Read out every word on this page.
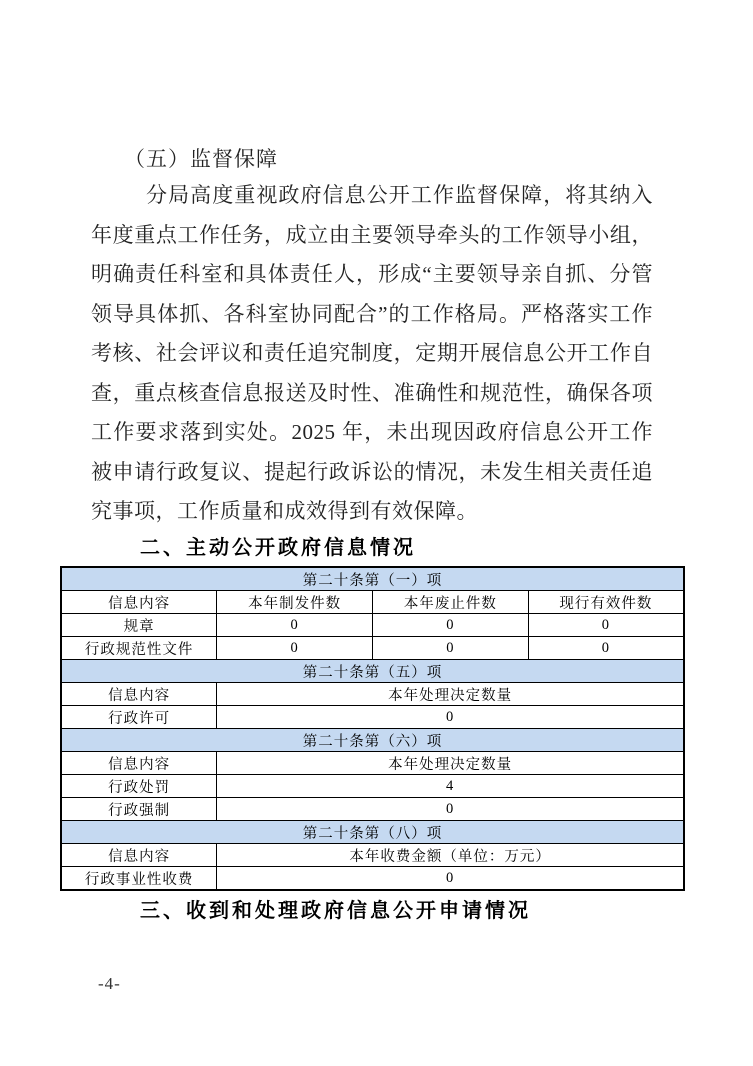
（五）监督保障

分局高度重视政府信息公开工作监督保障，将其纳入年度重点工作任务，成立由主要领导牵头的工作领导小组，明确责任科室和具体责任人，形成“主要领导亲自抓、分管领导具体抓、各科室协同配合”的工作格局。严格落实工作考核、社会评议和责任追究制度，定期开展信息公开工作自查，重点核查信息报送及时性、准确性和规范性，确保各项工作要求落到实处。2025 年，未出现因政府信息公开工作被申请行政复议、提起行政诉讼的情况，未发生相关责任追究事项，工作质量和成效得到有效保障。

二、主动公开政府信息情况
第二十条第（一）项			
信息内容	本年制发件数	本年废止件数	现行有效件数
规章	0	0	0
行政规范性文件	0	0	0
第二十条第（五）项			
信息内容	本年处理决定数量		
行政许可	0		
第二十条第（六）项			
信息内容	本年处理决定数量		
行政处罚	4		
行政强制	0		
第二十条第（八）项			
信息内容	本年收费金额（单位：万元）		
行政事业性收费	0		
三、收到和处理政府信息公开申请情况
-4-
